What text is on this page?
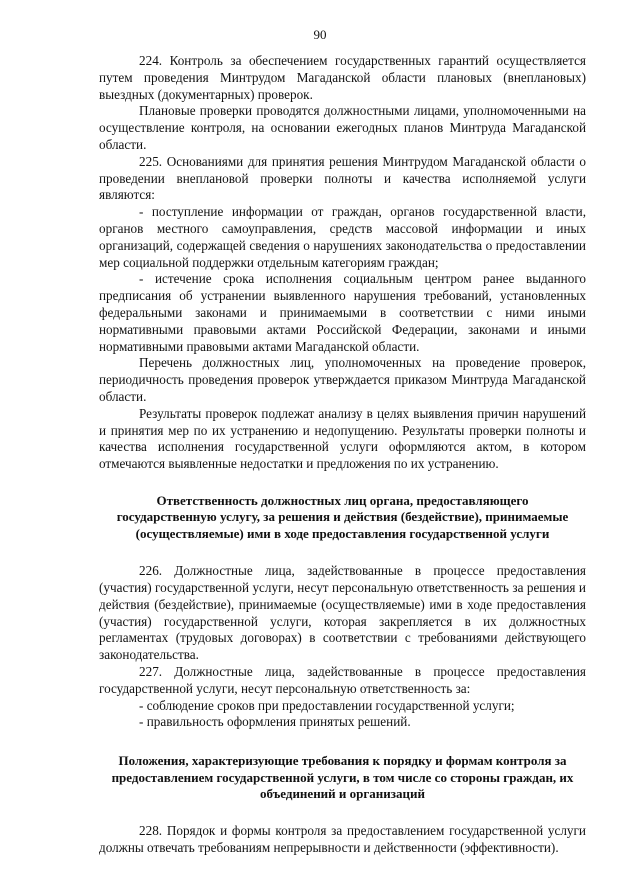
90

224. Контроль за обеспечением государственных гарантий осуществляется путем проведения Минтрудом Магаданской области плановых (внеплановых) выездных (документарных) проверок.

Плановые проверки проводятся должностными лицами, уполномоченными на осуществление контроля, на основании ежегодных планов Минтруда Магаданской области.

225. Основаниями для принятия решения Минтрудом Магаданской области о проведении внеплановой проверки полноты и качества исполняемой услуги являются:

- поступление информации от граждан, органов государственной власти, органов местного самоуправления, средств массовой информации и иных организаций, содержащей сведения о нарушениях законодательства о предоставлении мер социальной поддержки отдельным категориям граждан;

- истечение срока исполнения социальным центром ранее выданного предписания об устранении выявленного нарушения требований, установленных федеральными законами и принимаемыми в соответствии с ними иными нормативными правовыми актами Российской Федерации, законами и иными нормативными правовыми актами Магаданской области.

Перечень должностных лиц, уполномоченных на проведение проверок, периодичность проведения проверок утверждается приказом Минтруда Магаданской области.

Результаты проверок подлежат анализу в целях выявления причин нарушений и принятия мер по их устранению и недопущению. Результаты проверки полноты и качества исполнения государственной услуги оформляются актом, в котором отмечаются выявленные недостатки и предложения по их устранению.

Ответственность должностных лиц органа, предоставляющего
государственную услугу, за решения и действия (бездействие), принимаемые
(осуществляемые) ими в ходе предоставления государственной услуги

226. Должностные лица, задействованные в процессе предоставления (участия) государственной услуги, несут персональную ответственность за решения и действия (бездействие), принимаемые (осуществляемые) ими в ходе предоставления (участия) государственной услуги, которая закрепляется в их должностных регламентах (трудовых договорах) в соответствии с требованиями действующего законодательства.

227. Должностные лица, задействованные в процессе предоставления государственной услуги, несут персональную ответственность за:

- соблюдение сроков при предоставлении государственной услуги;

- правильность оформления принятых решений.

Положения, характеризующие требования к порядку и формам контроля за
предоставлением государственной услуги, в том числе со стороны граждан, их
объединений и организаций

228. Порядок и формы контроля за предоставлением государственной услуги должны отвечать требованиям непрерывности и действенности (эффективности).
